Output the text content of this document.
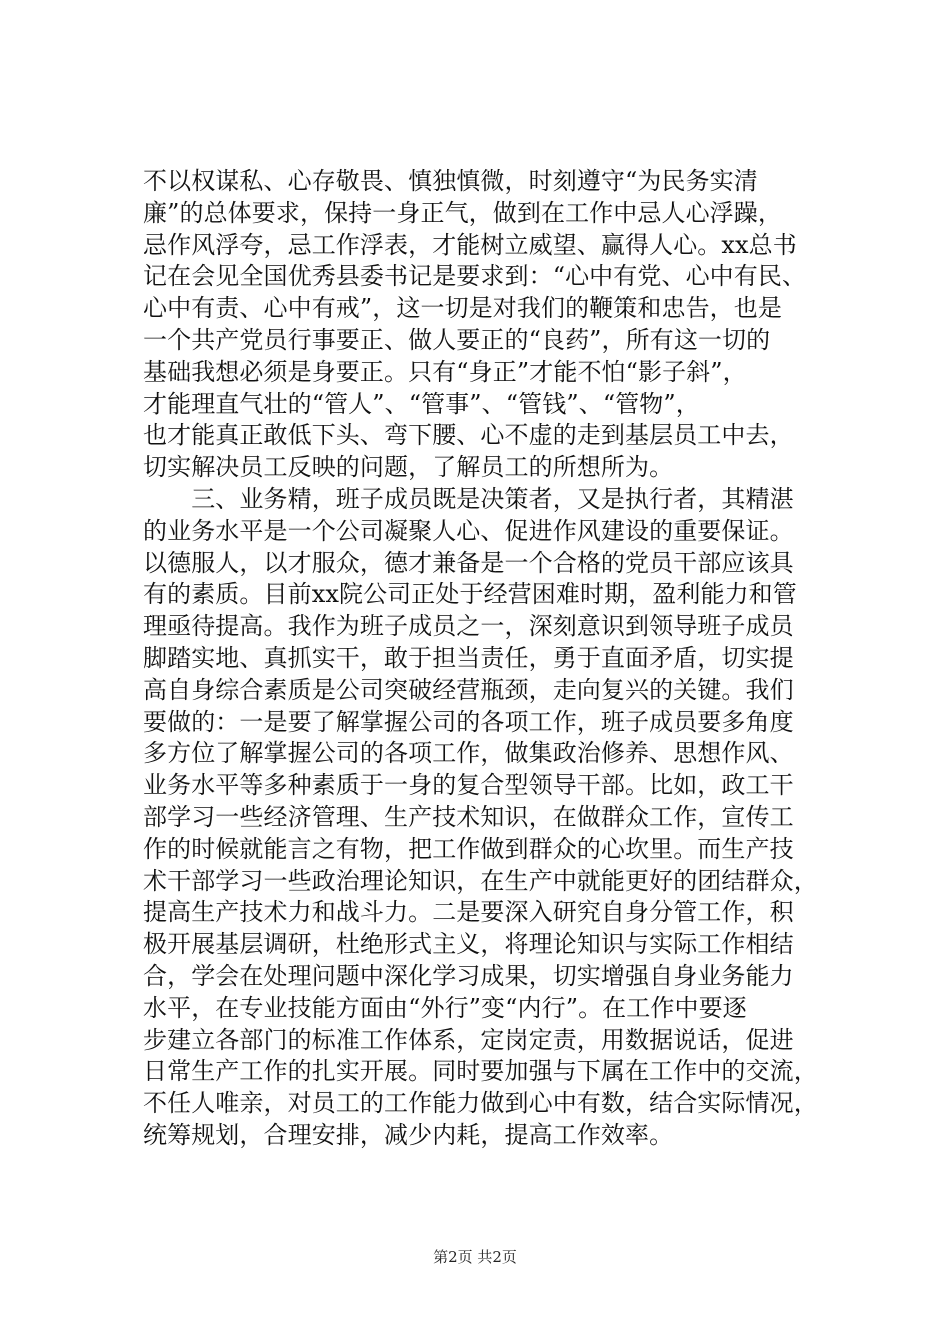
不以权谋私、心存敬畏、慎独慎微，时刻遵守“为民务实清
廉”的总体要求，保持一身正气，做到在工作中忌人心浮躁，
忌作风浮夸，忌工作浮表，才能树立威望、赢得人心。xx总书
记在会见全国优秀县委书记是要求到：“心中有党、心中有民、
心中有责、心中有戒”，这一切是对我们的鞭策和忠告，也是
一个共产党员行事要正、做人要正的“良药”，所有这一切的
基础我想必须是身要正。只有“身正”才能不怕“影子斜”，
才能理直气壮的“管人”、“管事”、“管钱”、“管物”，
也才能真正敢低下头、弯下腰、心不虚的走到基层员工中去，
切实解决员工反映的问题，了解员工的所想所为。
　　三、业务精，班子成员既是决策者，又是执行者，其精湛
的业务水平是一个公司凝聚人心、促进作风建设的重要保证。
以德服人，以才服众，德才兼备是一个合格的党员干部应该具
有的素质。目前xx院公司正处于经营困难时期，盈利能力和管
理亟待提高。我作为班子成员之一，深刻意识到领导班子成员
脚踏实地、真抓实干，敢于担当责任，勇于直面矛盾，切实提
高自身综合素质是公司突破经营瓶颈，走向复兴的关键。我们
要做的：一是要了解掌握公司的各项工作，班子成员要多角度
多方位了解掌握公司的各项工作，做集政治修养、思想作风、
业务水平等多种素质于一身的复合型领导干部。比如，政工干
部学习一些经济管理、生产技术知识，在做群众工作，宣传工
作的时候就能言之有物，把工作做到群众的心坎里。而生产技
术干部学习一些政治理论知识，在生产中就能更好的团结群众，
提高生产技术力和战斗力。二是要深入研究自身分管工作，积
极开展基层调研，杜绝形式主义，将理论知识与实际工作相结
合，学会在处理问题中深化学习成果，切实增强自身业务能力
水平，在专业技能方面由“外行”变“内行”。在工作中要逐
步建立各部门的标准工作体系，定岗定责，用数据说话，促进
日常生产工作的扎实开展。同时要加强与下属在工作中的交流，
不任人唯亲，对员工的工作能力做到心中有数，结合实际情况，
统筹规划，合理安排，减少内耗，提高工作效率。
第2页 共2页
